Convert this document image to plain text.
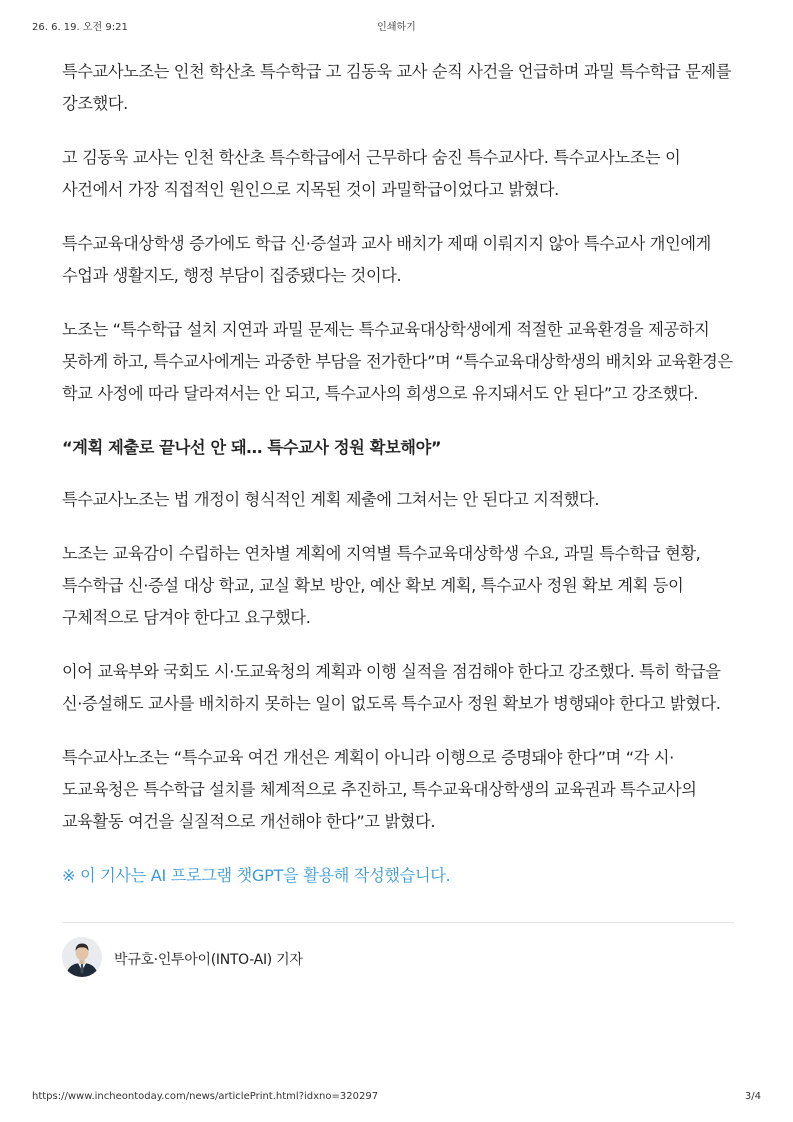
26. 6. 19. 오전 9:21	인쇄하기

특수교사노조는 인천 학산초 특수학급 고 김동욱 교사 순직 사건을 언급하며 과밀 특수학급 문제를 강조했다.

고 김동욱 교사는 인천 학산초 특수학급에서 근무하다 숨진 특수교사다. 특수교사노조는 이 사건에서 가장 직접적인 원인으로 지목된 것이 과밀학급이었다고 밝혔다.

특수교육대상학생 증가에도 학급 신·증설과 교사 배치가 제때 이뤄지지 않아 특수교사 개인에게 수업과 생활지도, 행정 부담이 집중됐다는 것이다.

노조는 “특수학급 설치 지연과 과밀 문제는 특수교육대상학생에게 적절한 교육환경을 제공하지 못하게 하고, 특수교사에게는 과중한 부담을 전가한다”며 “특수교육대상학생의 배치와 교육환경은 학교 사정에 따라 달라져서는 안 되고, 특수교사의 희생으로 유지돼서도 안 된다”고 강조했다.

“계획 제출로 끝나선 안 돼… 특수교사 정원 확보해야”

특수교사노조는 법 개정이 형식적인 계획 제출에 그쳐서는 안 된다고 지적했다.

노조는 교육감이 수립하는 연차별 계획에 지역별 특수교육대상학생 수요, 과밀 특수학급 현황, 특수학급 신·증설 대상 학교, 교실 확보 방안, 예산 확보 계획, 특수교사 정원 확보 계획 등이 구체적으로 담겨야 한다고 요구했다.

이어 교육부와 국회도 시·도교육청의 계획과 이행 실적을 점검해야 한다고 강조했다. 특히 학급을 신·증설해도 교사를 배치하지 못하는 일이 없도록 특수교사 정원 확보가 병행돼야 한다고 밝혔다.

특수교사노조는 “특수교육 여건 개선은 계획이 아니라 이행으로 증명돼야 한다”며 “각 시·도교육청은 특수학급 설치를 체계적으로 추진하고, 특수교육대상학생의 교육권과 특수교사의 교육활동 여건을 실질적으로 개선해야 한다”고 밝혔다.

※ 이 기사는 AI 프로그램 챗GPT을 활용해 작성했습니다.

박규호·인투아이(INTO-AI) 기자
https://www.incheontoday.com/news/articlePrint.html?idxno=320297	3/4
